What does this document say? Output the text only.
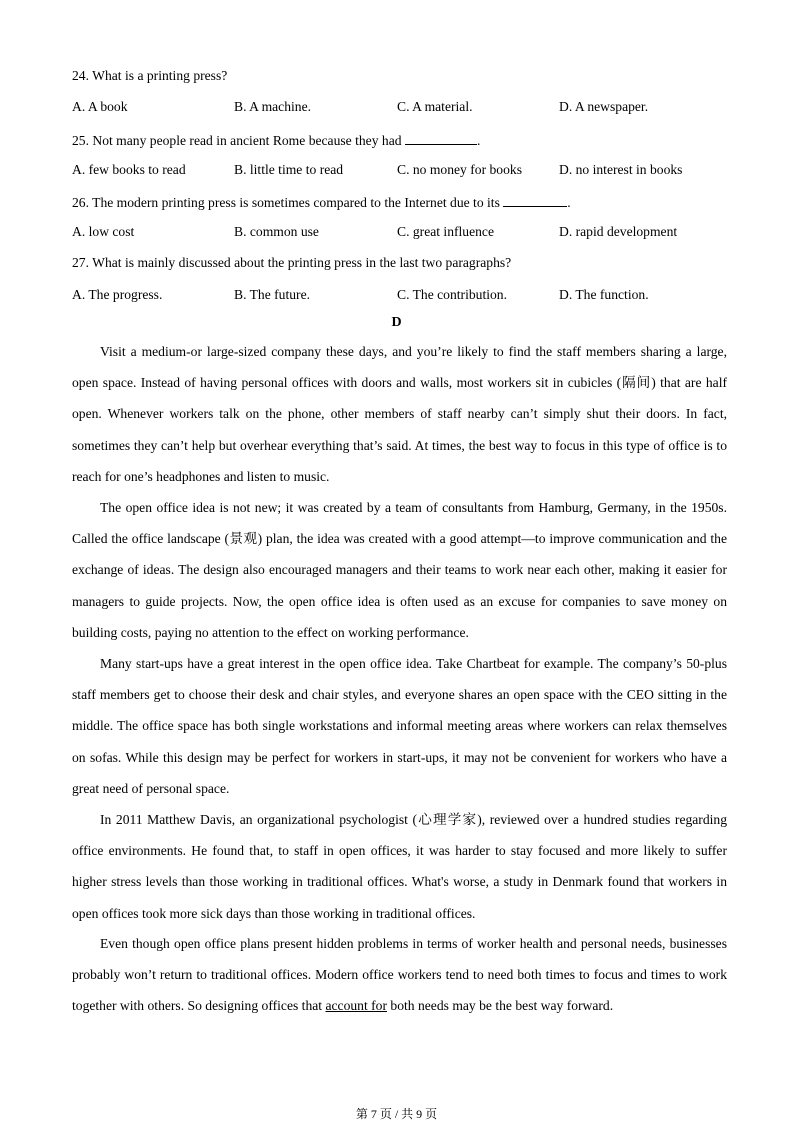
24. What is a printing press?
A. A book	B. A machine.	C. A material.	D. A newspaper.
25. Not many people read in ancient Rome because they had	.
A. few books to read	B. little time to read	C. no money for books	D. no interest in books
26. The modern printing press is sometimes compared to the Internet due to its	.
A. low cost	B. common use	C. great influence	D. rapid development
27. What is mainly discussed about the printing press in the last two paragraphs?
A. The progress.	B. The future.	C. The contribution.	D. The function.
D
Visit a medium-or large-sized company these days, and you’re likely to find the staff members sharing a large, open space. Instead of having personal offices with doors and walls, most workers sit in cubicles (隔间) that are half open. Whenever workers talk on the phone, other members of staff nearby can’t simply shut their doors. In fact, sometimes they can’t help but overhear everything that’s said. At times, the best way to focus in this type of office is to reach for one’s headphones and listen to music.
The open office idea is not new; it was created by a team of consultants from Hamburg, Germany, in the 1950s. Called the office landscape (景观) plan, the idea was created with a good attempt—to improve communication and the exchange of ideas. The design also encouraged managers and their teams to work near each other, making it easier for managers to guide projects. Now, the open office idea is often used as an excuse for companies to save money on building costs, paying no attention to the effect on working performance.
Many start-ups have a great interest in the open office idea. Take Chartbeat for example. The company’s 50-plus staff members get to choose their desk and chair styles, and everyone shares an open space with the CEO sitting in the middle. The office space has both single workstations and informal meeting areas where workers can relax themselves on sofas. While this design may be perfect for workers in start-ups, it may not be convenient for workers who have a great need of personal space.
In 2011 Matthew Davis, an organizational psychologist (心理学家), reviewed over a hundred studies regarding office environments. He found that, to staff in open offices, it was harder to stay focused and more likely to suffer higher stress levels than those working in traditional offices. What's worse, a study in Denmark found that workers in open offices took more sick days than those working in traditional offices.
Even though open office plans present hidden problems in terms of worker health and personal needs, businesses probably won’t return to traditional offices. Modern office workers tend to need both times to focus and times to work together with others. So designing offices that account for both needs may be the best way forward.
第 7 页 / 共 9 页
